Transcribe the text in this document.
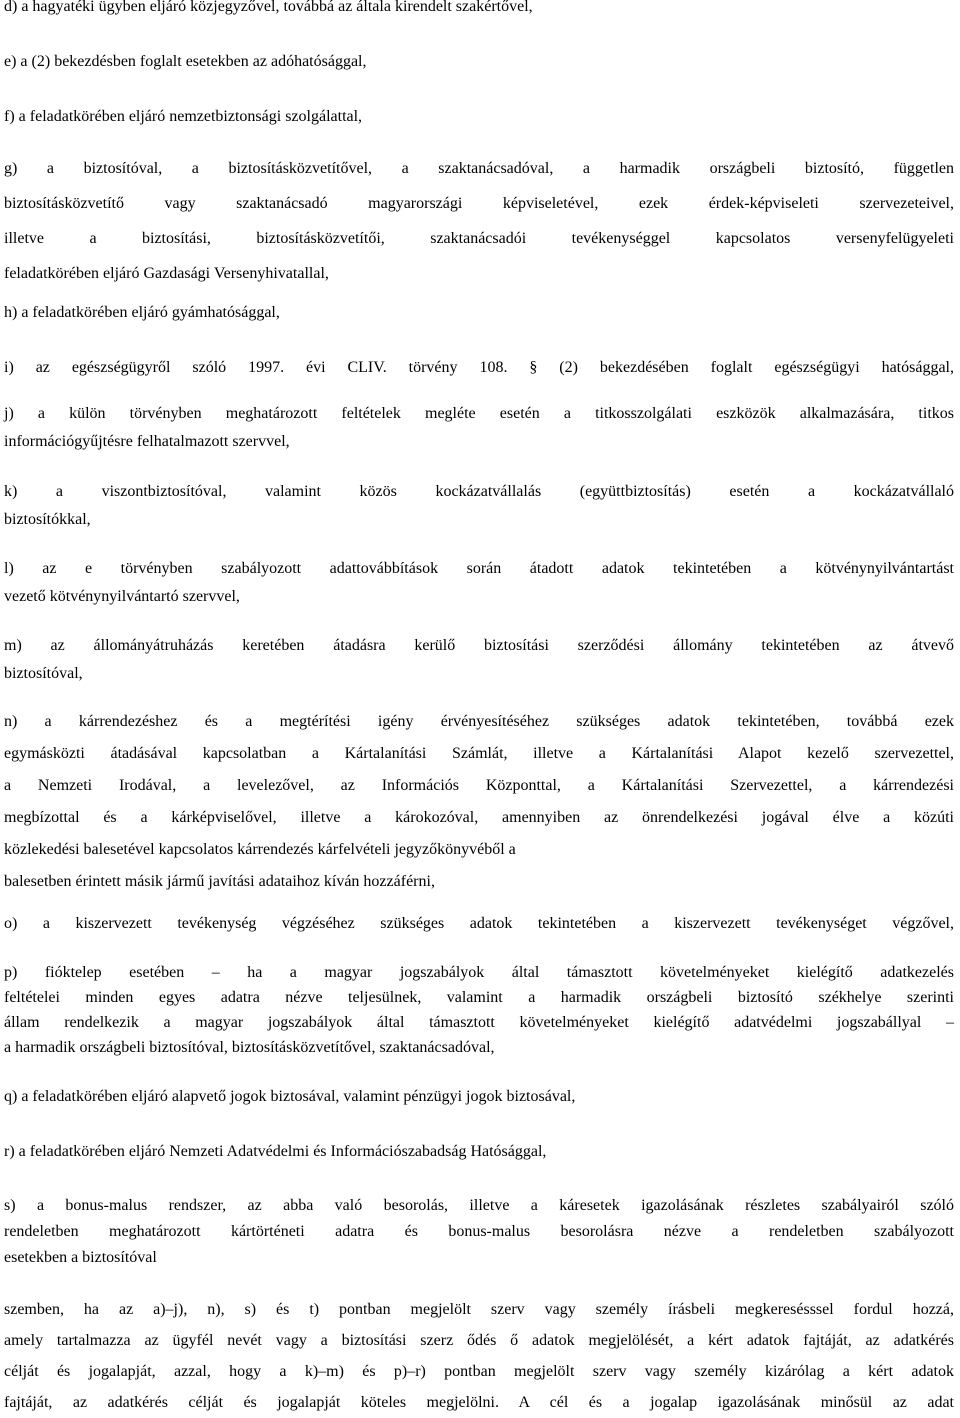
d) a hagyatéki ügyben eljáró közjegyzővel, továbbá az általa kirendelt szakértővel,

e) a (2) bekezdésben foglalt esetekben az adóhatósággal,

f) a feladatkörében eljáró nemzetbiztonsági szolgálattal,

g) a biztosítóval, a biztosításközvetítővel, a szaktanácsadóval, a harmadik országbeli biztosító, független
biztosításközvetítő vagy szaktanácsadó magyarországi képviseletével, ezek érdek-képviseleti szervezeteivel,
illetve a biztosítási, biztosításközvetítői, szaktanácsadói tevékenységgel kapcsolatos versenyfelügyeleti
feladatkörében eljáró Gazdasági Versenyhivatallal,

h) a feladatkörében eljáró gyámhatósággal,

i) az egészségügyről szóló 1997. évi CLIV. törvény 108. § (2) bekezdésében foglalt egészségügyi hatósággal,

j) a külön törvényben meghatározott feltételek megléte esetén a titkosszolgálati eszközök alkalmazására, titkos
információgyűjtésre felhatalmazott szervvel,

k) a viszontbiztosítóval, valamint közös kockázatvállalás (együttbiztosítás) esetén a kockázatvállaló
biztosítókkal,

l) az e törvényben szabályozott adattovábbítások során átadott adatok tekintetében a kötvénynyilvántartást
vezető kötvénynyilvántartó szervvel,

m) az állományátruházás keretében átadásra kerülő biztosítási szerződési állomány tekintetében az átvevő
biztosítóval,

n) a kárrendezéshez és a megtérítési igény érvényesítéséhez szükséges adatok tekintetében, továbbá ezek
egymásközti átadásával kapcsolatban a Kártalanítási Számlát, illetve a Kártalanítási Alapot kezelő szervezettel,
a Nemzeti Irodával, a levelezővel, az Információs Központtal, a Kártalanítási Szervezettel, a kárrendezési
megbízottal és a kárképviselővel, illetve a károkozóval, amennyiben az önrendelkezési jogával élve a közúti
közlekedési balesetével kapcsolatos kárrendezés kárfelvételi jegyzőkönyvéből a
balesetben érintett másik jármű javítási adataihoz kíván hozzáférni,

o) a kiszervezett tevékenység végzéséhez szükséges adatok tekintetében a kiszervezett tevékenységet végzővel,

p) fióktelep esetében – ha a magyar jogszabályok által támasztott követelményeket kielégítő adatkezelés
feltételei minden egyes adatra nézve teljesülnek, valamint a harmadik országbeli biztosító székhelye szerinti
állam rendelkezik a magyar jogszabályok által támasztott követelményeket kielégítő adatvédelmi jogszabállyal –
a harmadik országbeli biztosítóval, biztosításközvetítővel, szaktanácsadóval,

q) a feladatkörében eljáró alapvető jogok biztosával, valamint pénzügyi jogok biztosával,

r) a feladatkörében eljáró Nemzeti Adatvédelmi és Információszabadság Hatósággal,

s) a bonus-malus rendszer, az abba való besorolás, illetve a káresetek igazolásának részletes szabályairól szóló
rendeletben meghatározott kártörténeti adatra és bonus-malus besorolásra nézve a rendeletben szabályozott
esetekben a biztosítóval

szemben, ha az a)–j), n), s) és t) pontban megjelölt szerv vagy személy írásbeli megkeresésssel fordul hozzá,
amely tartalmazza az ügyfél nevét vagy a biztosítási szerz ődés ő adatok megjelölését, a kért adatok fajtáját, az adatkérés
célját és jogalapját, azzal, hogy a k)–m) és p)–r) pontban megjelölt szerv vagy személy kizárólag a kért adatok
fajtáját, az adatkérés célját és jogalapját köteles megjelölni. A cél és a jogalap igazolásának minősül az adat
